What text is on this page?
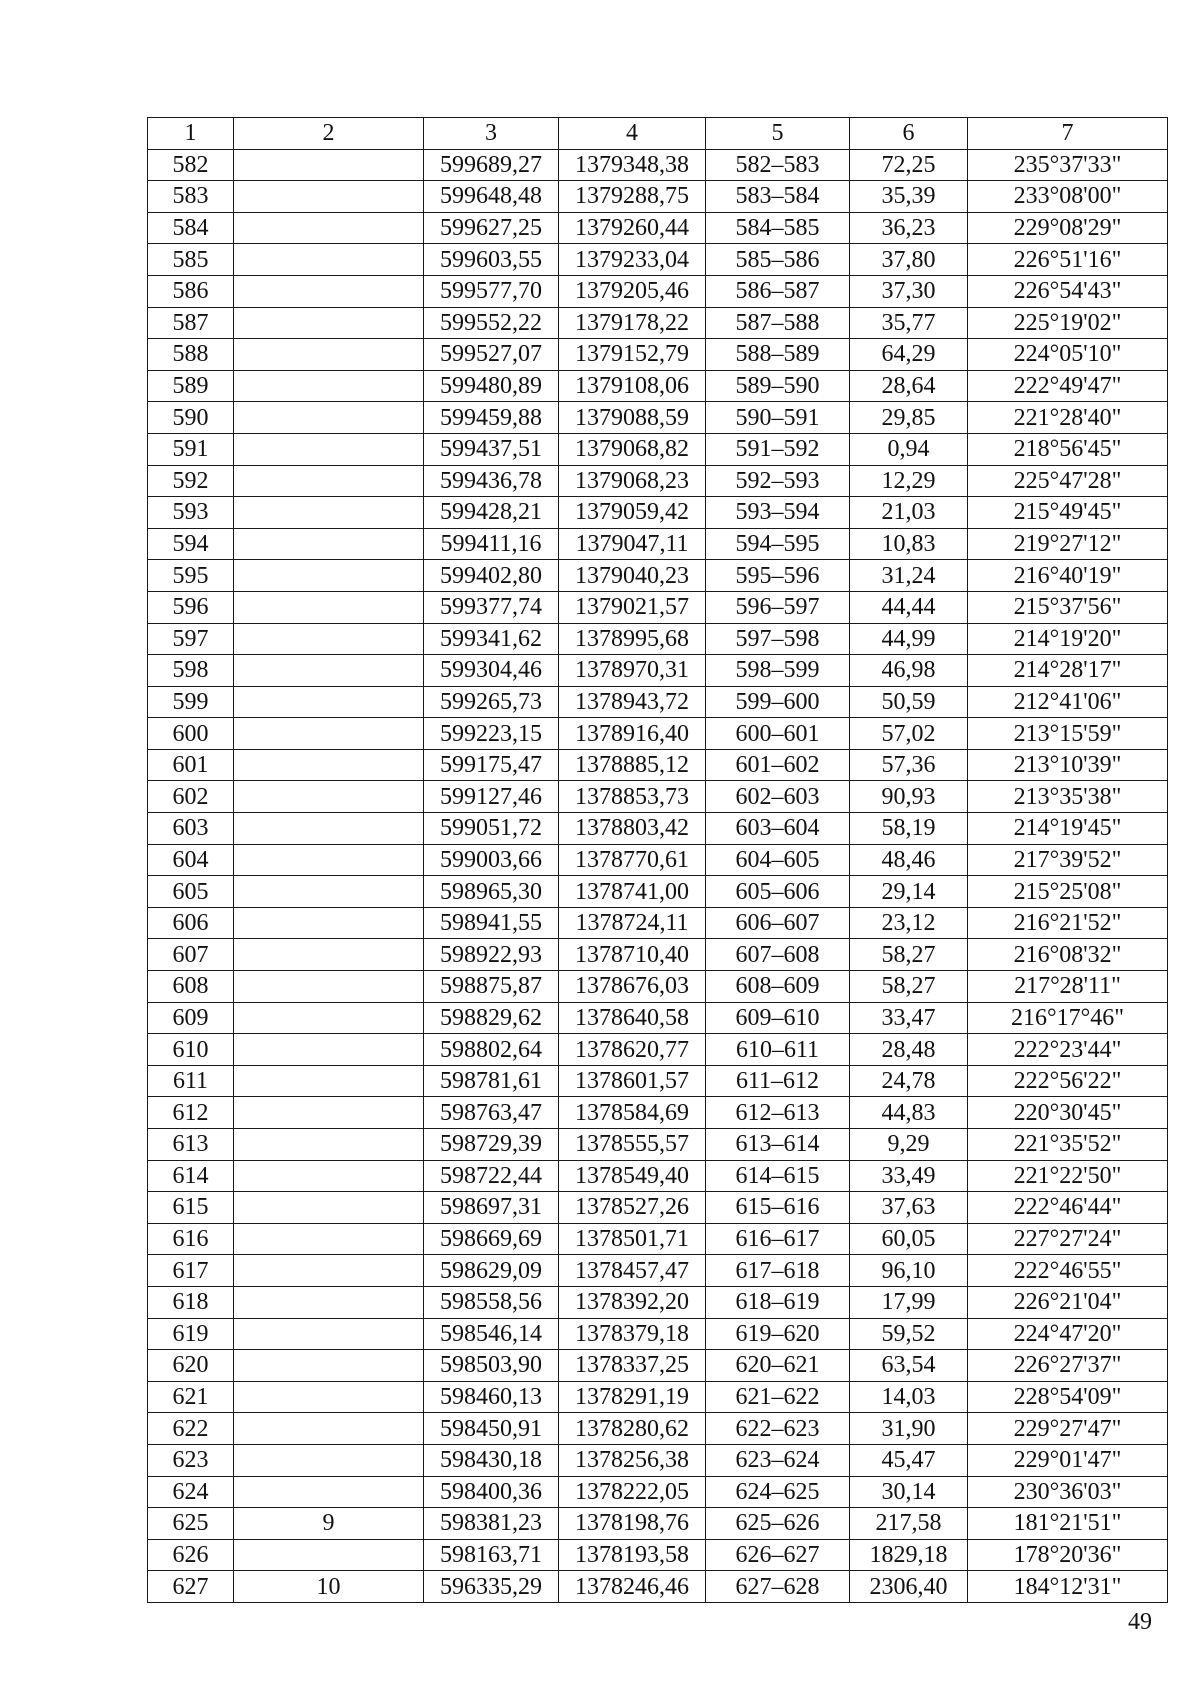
1	2	3	4	5	6	7
582		599689,27	1379348,38	582–583	72,25	235°37'33"
583		599648,48	1379288,75	583–584	35,39	233°08'00"
584		599627,25	1379260,44	584–585	36,23	229°08'29"
585		599603,55	1379233,04	585–586	37,80	226°51'16"
586		599577,70	1379205,46	586–587	37,30	226°54'43"
587		599552,22	1379178,22	587–588	35,77	225°19'02"
588		599527,07	1379152,79	588–589	64,29	224°05'10"
589		599480,89	1379108,06	589–590	28,64	222°49'47"
590		599459,88	1379088,59	590–591	29,85	221°28'40"
591		599437,51	1379068,82	591–592	0,94	218°56'45"
592		599436,78	1379068,23	592–593	12,29	225°47'28"
593		599428,21	1379059,42	593–594	21,03	215°49'45"
594		599411,16	1379047,11	594–595	10,83	219°27'12"
595		599402,80	1379040,23	595–596	31,24	216°40'19"
596		599377,74	1379021,57	596–597	44,44	215°37'56"
597		599341,62	1378995,68	597–598	44,99	214°19'20"
598		599304,46	1378970,31	598–599	46,98	214°28'17"
599		599265,73	1378943,72	599–600	50,59	212°41'06"
600		599223,15	1378916,40	600–601	57,02	213°15'59"
601		599175,47	1378885,12	601–602	57,36	213°10'39"
602		599127,46	1378853,73	602–603	90,93	213°35'38"
603		599051,72	1378803,42	603–604	58,19	214°19'45"
604		599003,66	1378770,61	604–605	48,46	217°39'52"
605		598965,30	1378741,00	605–606	29,14	215°25'08"
606		598941,55	1378724,11	606–607	23,12	216°21'52"
607		598922,93	1378710,40	607–608	58,27	216°08'32"
608		598875,87	1378676,03	608–609	58,27	217°28'11"
609		598829,62	1378640,58	609–610	33,47	216°17°46"
610		598802,64	1378620,77	610–611	28,48	222°23'44"
611		598781,61	1378601,57	611–612	24,78	222°56'22"
612		598763,47	1378584,69	612–613	44,83	220°30'45"
613		598729,39	1378555,57	613–614	9,29	221°35'52"
614		598722,44	1378549,40	614–615	33,49	221°22'50"
615		598697,31	1378527,26	615–616	37,63	222°46'44"
616		598669,69	1378501,71	616–617	60,05	227°27'24"
617		598629,09	1378457,47	617–618	96,10	222°46'55"
618		598558,56	1378392,20	618–619	17,99	226°21'04"
619		598546,14	1378379,18	619–620	59,52	224°47'20"
620		598503,90	1378337,25	620–621	63,54	226°27'37"
621		598460,13	1378291,19	621–622	14,03	228°54'09"
622		598450,91	1378280,62	622–623	31,90	229°27'47"
623		598430,18	1378256,38	623–624	45,47	229°01'47"
624		598400,36	1378222,05	624–625	30,14	230°36'03"
625	9	598381,23	1378198,76	625–626	217,58	181°21'51"
626		598163,71	1378193,58	626–627	1829,18	178°20'36"
627	10	596335,29	1378246,46	627–628	2306,40	184°12'31"
49
